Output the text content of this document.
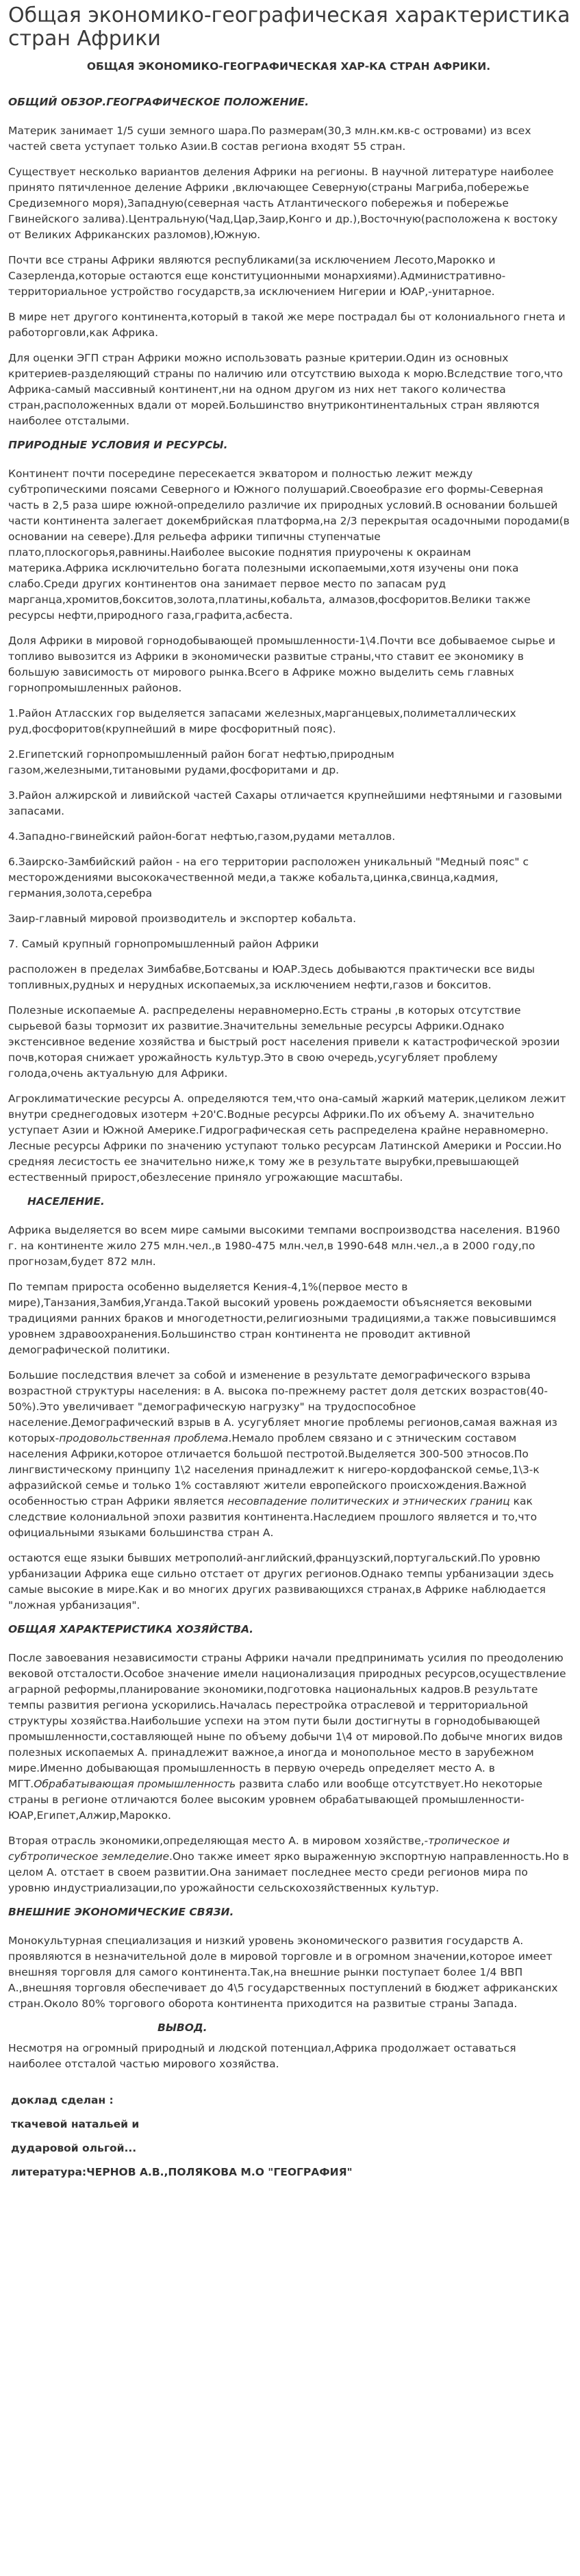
Общая экономико-географическая характеристика стран Африки
ОБЩАЯ ЭКОНОМИКО-ГЕОГРАФИЧЕСКАЯ ХАР-КА СТРАН АФРИКИ.
ОБЩИЙ ОБЗОР.ГЕОГРАФИЧЕСКОЕ ПОЛОЖЕНИЕ.

Материк занимает 1/5 суши земного шара.По размерам(30,3 млн.км.кв-с островами) из всех частей света уступает только Азии.В состав региона входят 55 стран.

Существует несколько вариантов деления Африки на регионы. В научной литературе наиболее принято пятичленное деление Африки ,включающее Северную(страны Магриба,побережье Средиземного моря),Западную(северная часть Атлантического побережья и побережье Гвинейского залива).Центральную(Чад,Цар,Заир,Конго и др.),Восточную(расположена к востоку от Великих Африканских разломов),Южную.

Почти все страны Африки являются республиками(за исключением Лесото,Марокко и Сазерленда,которые остаются еще конституционными монархиями).Административно-территориальное устройство государств,за исключением Нигерии и ЮАР,-унитарное.

В мире нет другого континента,который в такой же мере пострадал бы от колониального гнета и работорговли,как Африка.

Для оценки ЭГП стран Африки можно использовать разные критерии.Один из основных критериев-разделяющий страны по наличию или отсутствию выхода к морю.Вследствие того,что Африка-самый массивный континент,ни на одном другом из них нет такого количества стран,расположенных вдали от морей.Большинство внутриконтинентальных стран являются наиболее отсталыми.

ПРИРОДНЫЕ УСЛОВИЯ И РЕСУРСЫ.

Континент почти посередине пересекается экватором и полностью лежит между субтропическими поясами Северного и Южного полушарий.Своеобразие его формы-Северная часть в 2,5 раза шире южной-определило различие их природных условий.В основании большей части континента залегает докембрийская платформа,на 2/3 перекрытая осадочными породами(в основании на севере).Для рельефа африки типичны ступенчатые плато,плоскогорья,равнины.Наиболее высокие поднятия приурочены к окраинам материка.Африка исключительно богата полезными ископаемыми,хотя изучены они пока слабо.Среди других континентов она занимает первое место по запасам руд марганца,хромитов,бокситов,золота,платины,кобальта, алмазов,фосфоритов.Велики также ресурсы нефти,природного газа,графита,асбеста.

Доля Африки в мировой горнодобывающей промышленности-1\4.Почти все добываемое сырье и топливо вывозится из Африки в экономически развитые страны,что ставит ее экономику в большую зависимость от мирового рынка.Всего в Африке можно выделить семь главных горнопромышленных районов.

1.Район Атласских гор выделяется запасами железных,марганцевых,полиметаллических руд,фосфоритов(крупнейший в мире фосфоритный пояс).

2.Египетский горнопромышленный район богат нефтью,природным газом,железными,титановыми рудами,фосфоритами и др.

3.Район алжирской и ливийской частей Сахары отличается крупнейшими нефтяными и газовыми запасами.

4.Западно-гвинейский район-богат нефтью,газом,рудами металлов.

6.Заирско-Замбийский район - на его территории расположен уникальный "Медный пояс" с месторождениями высококачественной меди,а также кобальта,цинка,свинца,кадмия, германия,золота,серебра

Заир-главный мировой производитель и экспортер кобальта.

7. Самый крупный горнопромышленный район Африки

расположен в пределах Зимбабве,Ботсваны и ЮАР.Здесь добываются практически все виды топливных,рудных и нерудных ископаемых,за исключением нефти,газов и бокситов.

Полезные ископаемые А. распределены неравномерно.Есть страны ,в которых отсутствие сырьевой базы тормозит их развитие.Значительны земельные ресурсы Африки.Однако экстенсивное ведение хозяйства и быстрый рост населения привели к катастрофической эрозии почв,которая снижает урожайность культур.Это в свою очередь,усугубляет проблему голода,очень актуальную для Африки.

Агроклиматические ресурсы А. определяются тем,что она-самый жаркий материк,целиком лежит внутри среднегодовых изотерм +20'C.Водные ресурсы Африки.По их объему А. значительно уступает Азии и Южной Америке.Гидрографическая сеть распределена крайне неравномерно. Лесные ресурсы Африки по значению уступают только ресурсам Латинской Америки и России.Но средняя лесистость ее значительно ниже,к тому же в результате вырубки,превышающей естественный прирост,обезлесение приняло угрожающие масштабы.

НАСЕЛЕНИЕ.

Африка выделяется во всем мире самыми высокими темпами воспроизводства населения. В1960 г. на континенте жило 275 млн.чел.,в 1980-475 млн.чел,в 1990-648 млн.чел.,а в 2000 году,по прогнозам,будет 872 млн.

По темпам прироста особенно выделяется Кения-4,1%(первое место в мире),Танзания,Замбия,Уганда.Такой высокий уровень рождаемости объясняется вековыми традициями ранних браков и многодетности,религиозными традициями,а также повысившимся уровнем здравоохранения.Большинство стран континента не проводит активной демографической политики.

Большие последствия влечет за собой и изменение в результате демографического взрыва возрастной структуры населения: в А. высока по-прежнему растет доля детских возрастов(40-50%).Это увеличивает "демографическую нагрузку" на трудоспособное население.Демографический взрыв в А. усугубляет многие проблемы регионов,самая важная из которых-продовольственная проблема.Немало проблем связано и с этническим составом населения Африки,которое отличается большой пестротой.Выделяется 300-500 этносов.По лингвистическому принципу 1\2 населения принадлежит к нигеро-кордофанской семье,1\3-к афразийской семье и только 1% составляют жители европейского происхождения.Важной особенностью стран Африки является несовпадение политических и этнических границ как следствие колониальной эпохи развития континента.Наследием прошлого является и то,что официальными языками большинства стран А.

остаются еще языки бывших метрополий-английский,французский,португальский.По уровню урбанизации Африка еще сильно отстает от других регионов.Однако темпы урбанизации здесь самые высокие в мире.Как и во многих других развивающихся странах,в Африке наблюдается "ложная урбанизация".

ОБЩАЯ ХАРАКТЕРИСТИКА ХОЗЯЙСТВА.

После завоевания независимости страны Африки начали предпринимать усилия по преодолению вековой отсталости.Особое значение имели национализация природных ресурсов,осуществление аграрной реформы,планирование экономики,подготовка национальных кадров.В результате темпы развития региона ускорились.Началась перестройка отраслевой и территориальной структуры хозяйства.Наибольшие успехи на этом пути были достигнуты в горнодобывающей промышленности,составляющей ныне по объему добычи 1\4 от мировой.По добыче многих видов полезных ископаемых А. принадлежит важное,а иногда и монопольное место в зарубежном мире.Именно добывающая промышленность в первую очередь определяет место А. в МГТ.Обрабатывающая промышленность развита слабо или вообще отсутствует.Но некоторые страны в регионе отличаются более высоким уровнем обрабатывающей промышленности-ЮАР,Египет,Алжир,Марокко.

Вторая отрасль экономики,определяющая место А. в мировом хозяйстве,-тропическое и субтропическое земледелие.Оно также имеет ярко выраженную экспортную направленность.Но в целом А. отстает в своем развитии.Она занимает последнее место среди регионов мира по уровню индустриализации,по урожайности сельскохозяйственных культур.

ВНЕШНИЕ ЭКОНОМИЧЕСКИЕ СВЯЗИ.

Монокультурная специализация и низкий уровень экономического развития государств А. проявляются в незначительной доле в мировой торговле и в огромном значении,которое имеет внешняя торговля для самого континента.Так,на внешние рынки поступает более 1/4 ВВП А.,внешняя торговля обеспечивает до 4\5 государственных поступлений в бюджет африканских стран.Около 80% торгового оборота континента приходится на развитые страны Запада.

ВЫВОД.

Несмотря на огромный природный и людской потенциал,Африка продолжает оставаться наиболее отсталой частью мирового хозяйства.

доклад сделан :
ткачевой натальей и
дудаpовой ольгой...
литература:ЧЕРНОВ А.В.,ПОЛЯКОВА М.О "ГЕОГРАФИЯ"
